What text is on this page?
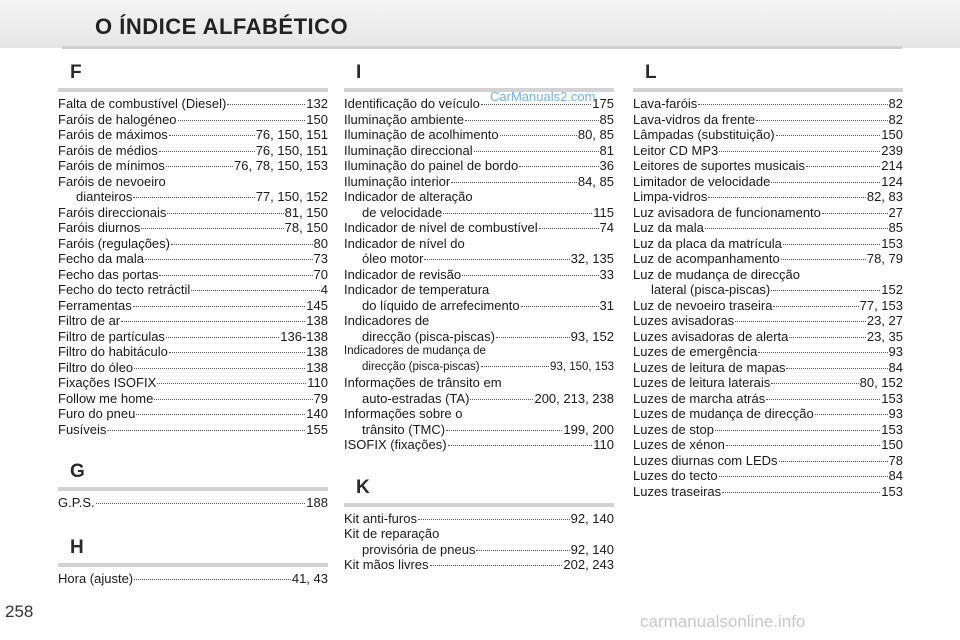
O ÍNDICE ALFABÉTICO
F
Falta de combustível (Diesel)	132
Faróis de halogéneo	150
Faróis de máximos	76, 150, 151
Faróis de médios	76, 150, 151
Faróis de mínimos	76, 78, 150, 153
Faróis de nevoeiro
dianteiros	77, 150, 152
Faróis direccionais	81, 150
Faróis diurnos	78, 150
Faróis (regulações)	80
Fecho da mala	73
Fecho das portas	70
Fecho do tecto retráctil	4
Ferramentas	145
Filtro de ar	138
Filtro de partículas	136-138
Filtro do habitáculo	138
Filtro do óleo	138
Fixações ISOFIX	110
Follow me home	79
Furo do pneu	140
Fusíveis	155
G
G.P.S.	188
H
Hora (ajuste)	41, 43
I
Identificação do veículo	175
Iluminação ambiente	85
Iluminação de acolhimento	80, 85
Iluminação direccional	81
Iluminação do painel de bordo	36
Iluminação interior	84, 85
Indicador de alteração
de velocidade	115
Indicador de nível de combustível	74
Indicador de nível do
óleo motor	32, 135
Indicador de revisão	33
Indicador de temperatura
do líquido de arrefecimento	31
Indicadores de
direcção (pisca-piscas)	93, 152
Indicadores de mudança de
direcção (pisca-piscas)	93, 150, 153
Informações de trânsito em
auto-estradas (TA)	200, 213, 238
Informações sobre o
trânsito (TMC)	199, 200
ISOFIX (fixações)	110
K
Kit anti-furos	92, 140
Kit de reparação
provisória de pneus	92, 140
Kit mãos livres	202, 243
L
Lava-faróis	82
Lava-vidros da frente	82
Lâmpadas (substituição)	150
Leitor CD MP3	239
Leitores de suportes musicais	214
Limitador de velocidade	124
Limpa-vidros	82, 83
Luz avisadora de funcionamento	27
Luz da mala	85
Luz da placa da matrícula	153
Luz de acompanhamento	78, 79
Luz de mudança de direcção
lateral (pisca-piscas)	152
Luz de nevoeiro traseira	77, 153
Luzes avisadoras	23, 27
Luzes avisadoras de alerta	23, 35
Luzes de emergência	93
Luzes de leitura de mapas	84
Luzes de leitura laterais	80, 152
Luzes de marcha atrás	153
Luzes de mudança de direcção	93
Luzes de stop	153
Luzes de xénon	150
Luzes diurnas com LEDs	78
Luzes do tecto	84
Luzes traseiras	153
CarManuals2.com
258
carmanualsonline.info
